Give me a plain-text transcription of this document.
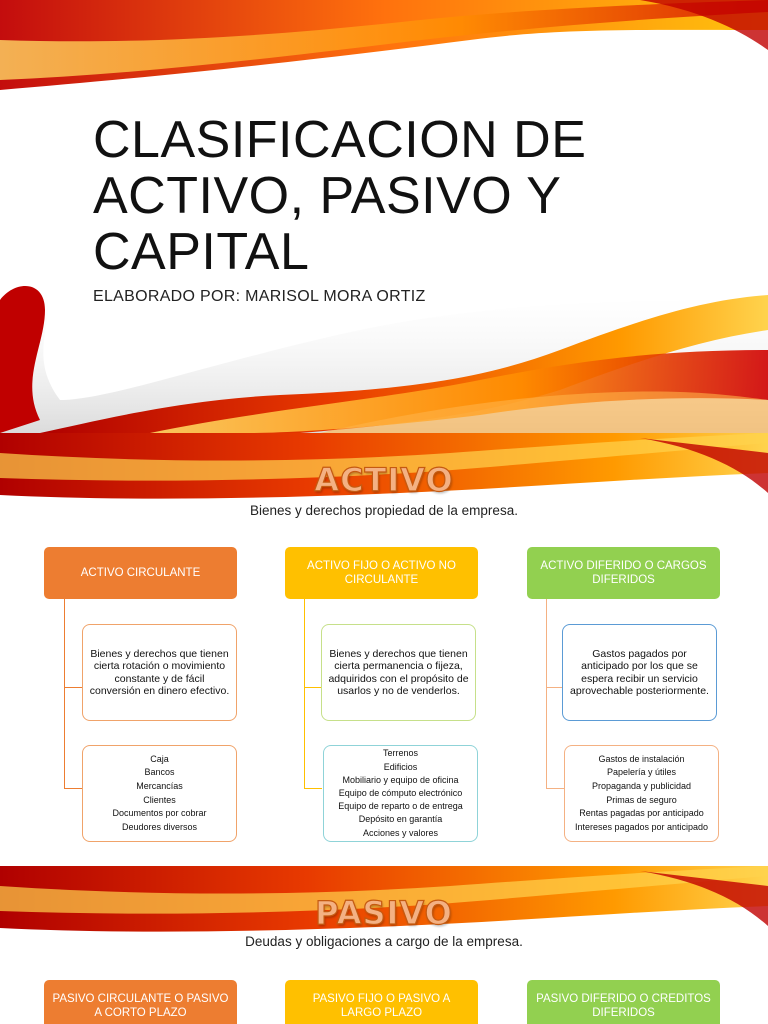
CLASIFICACION DE ACTIVO, PASIVO Y CAPITAL
ELABORADO POR: MARISOL MORA ORTIZ
ACTIVO
Bienes y derechos propiedad de la empresa.
ACTIVO CIRCULANTE
Bienes y derechos que tienen cierta rotación o movimiento constante y de fácil conversión en dinero efectivo.
Caja
Bancos
Mercancías
Clientes
Documentos por cobrar
Deudores diversos
ACTIVO FIJO O ACTIVO NO CIRCULANTE
Bienes y derechos que tienen cierta permanencia o fijeza, adquiridos con el propósito de usarlos y no de venderlos.
Terrenos
Edificios
Mobiliario y equipo de oficina
Equipo de cómputo electrónico
Equipo de reparto o de entrega
Depósito en garantía
Acciones y valores
ACTIVO DIFERIDO O CARGOS DIFERIDOS
Gastos pagados por anticipado por los que se espera recibir un servicio aprovechable posteriormente.
Gastos de instalación
Papelería y útiles
Propaganda y publicidad
Primas de seguro
Rentas pagadas por anticipado
Intereses pagados por anticipado
PASIVO
Deudas y obligaciones a cargo de la empresa.
PASIVO CIRCULANTE O PASIVO A CORTO PLAZO
PASIVO FIJO O PASIVO A LARGO PLAZO
PASIVO DIFERIDO O CREDITOS DIFERIDOS
